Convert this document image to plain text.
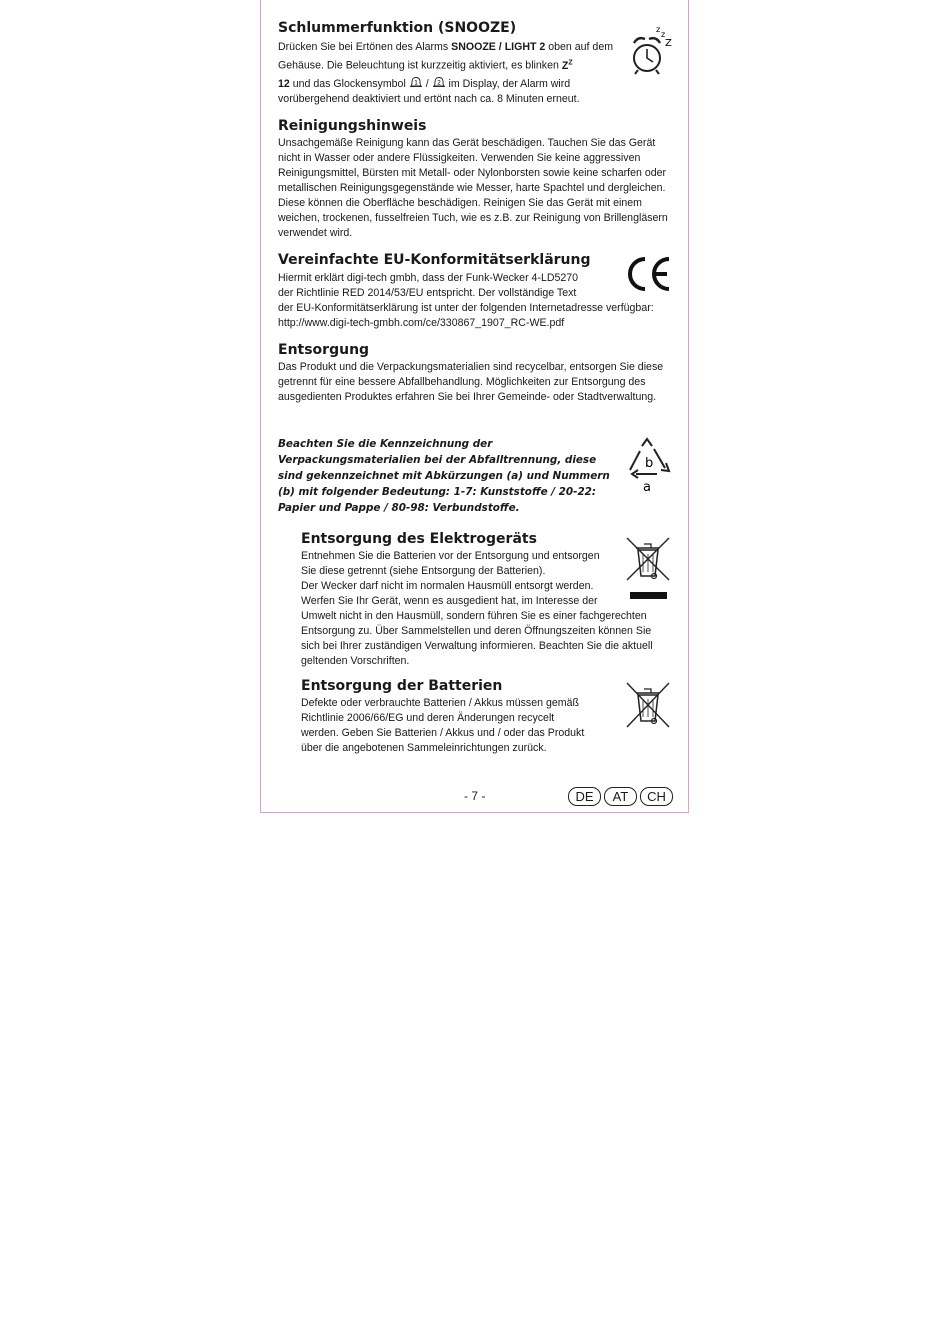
Schlummerfunktion (SNOOZE)

Drücken Sie bei Ertönen des Alarms SNOOZE / LIGHT 2 oben auf dem Gehäuse. Die Beleuchtung ist kurzzeitig aktiviert, es blinken $Z^Z$

12 und das Glockensymbol 1 / 2 im Display, der Alarm wird

vorübergehend deaktiviert und ertönt nach ca. 8 Minuten erneut.

z
z
Z
Reinigungshinweis

Unsachgemäße Reinigung kann das Gerät beschädigen. Tauchen Sie das Gerät nicht in Wasser oder andere Flüssigkeiten. Verwenden Sie keine aggressiven Reinigungsmittel, Bürsten mit Metall- oder Nylonborsten sowie keine scharfen oder metallischen Reinigungsgegenstände wie Messer, harte Spachtel und dergleichen. Diese können die Oberfläche beschädigen. Reinigen Sie das Gerät mit einem weichen, trockenen, fusselfreien Tuch, wie es z.B. zur Reinigung von Brillengläsern verwendet wird.

Vereinfachte EU-Konformitätserklärung

Hiermit erklärt digi-tech gmbh, dass der Funk-Wecker 4-LD5270

der Richtlinie RED 2014/53/EU entspricht. Der vollständige Text

der EU-Konformitätserklärung ist unter der folgenden Internetadresse verfügbar:

http://www.digi-tech-gmbh.com/ce/330867_1907_RC-WE.pdf

Entsorgung

Das Produkt und die Verpackungsmaterialien sind recycelbar, entsorgen Sie diese getrennt für eine bessere Abfallbehandlung. Möglichkeiten zur Entsorgung des ausgedienten Produktes erfahren Sie bei Ihrer Gemeinde- oder Stadtverwaltung.

Beachten Sie die Kennzeichnung der
Verpackungsmaterialien bei der Abfalltrennung, diese
sind gekennzeichnet mit Abkürzungen (a) und Nummern
(b) mit folgender Bedeutung: 1-7: Kunststoffe / 20-22:
Papier und Pappe / 80-98: Verbundstoffe.
b
a
Entsorgung des Elektrogeräts

Entnehmen Sie die Batterien vor der Entsorgung und entsorgen

Sie diese getrennt (siehe Entsorgung der Batterien).

Der Wecker darf nicht im normalen Hausmüll entsorgt werden.

Werfen Sie Ihr Gerät, wenn es ausgedient hat, im Interesse der

Umwelt nicht in den Hausmüll, sondern führen Sie es einer fachgerechten

Entsorgung zu. Über Sammelstellen und deren Öffnungszeiten können Sie

sich bei Ihrer zuständigen Verwaltung informieren. Beachten Sie die aktuell

geltenden Vorschriften.

Entsorgung der Batterien

Defekte oder verbrauchte Batterien / Akkus müssen gemäß

Richtlinie 2006/66/EG und deren Änderungen recycelt

werden. Geben Sie Batterien / Akkus und / oder das Produkt

über die angebotenen Sammeleinrichtungen zurück.

- 7 -	DE	AT	CH
